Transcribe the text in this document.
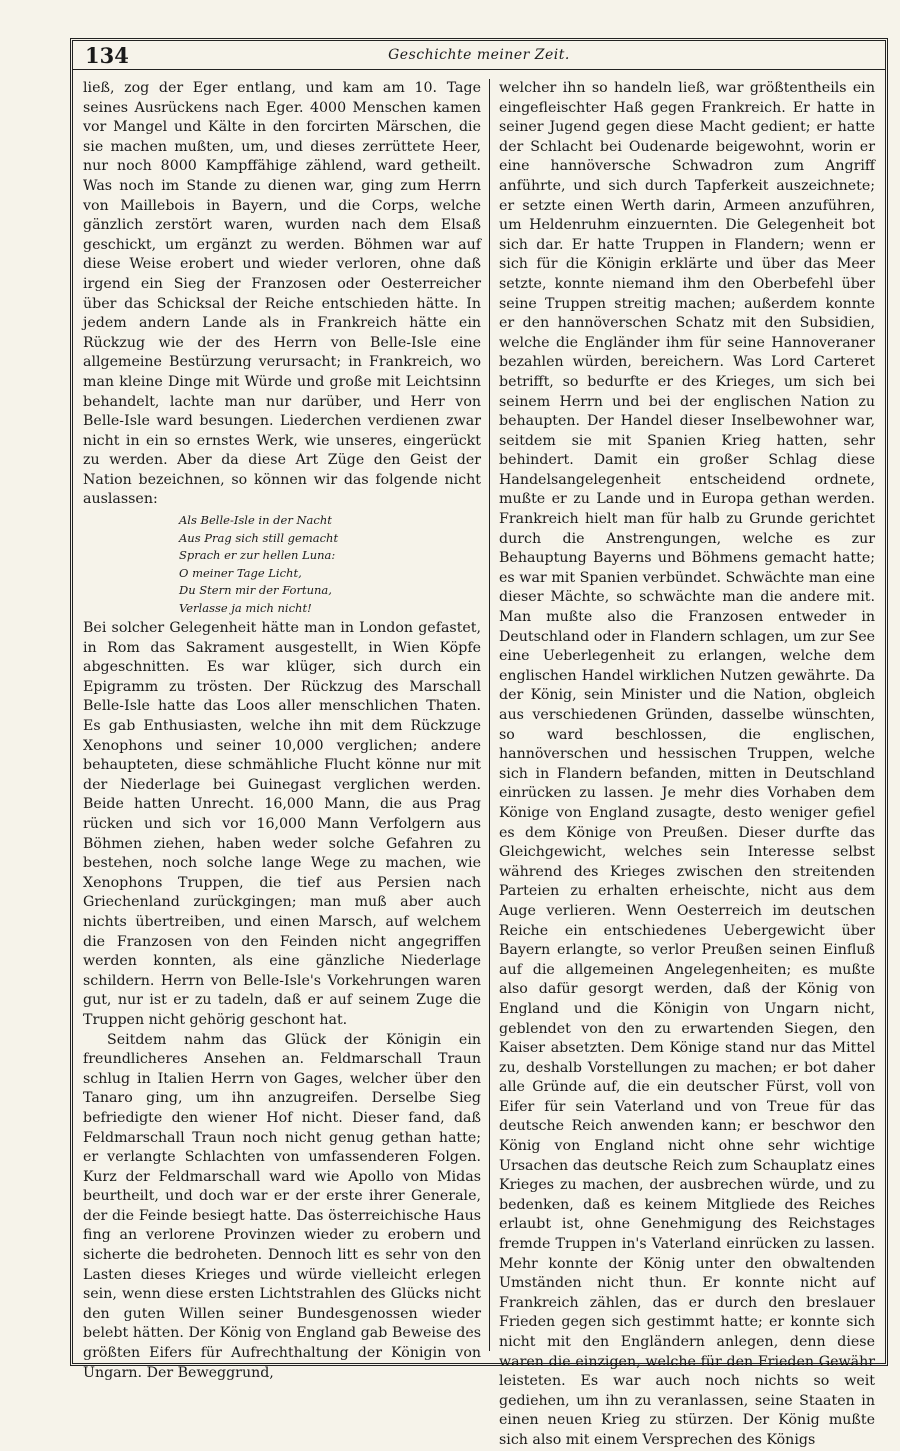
134	Geschichte meiner Zeit.

ließ, zog der Eger entlang, und kam am 10. Tage seines Ausrückens nach Eger. 4000 Menschen kamen vor Mangel und Kälte in den forcirten Märschen, die sie machen mußten, um, und dieses zerrüttete Heer, nur noch 8000 Kampffähige zählend, ward getheilt. Was noch im Stande zu dienen war, ging zum Herrn von Maillebois in Bayern, und die Corps, welche gänzlich zerstört waren, wurden nach dem Elsaß geschickt, um ergänzt zu werden. Böhmen war auf diese Weise erobert und wieder verloren, ohne daß irgend ein Sieg der Franzosen oder Oesterreicher über das Schicksal der Reiche entschieden hätte. In jedem andern Lande als in Frankreich hätte ein Rückzug wie der des Herrn von Belle-Isle eine allgemeine Bestürzung verursacht; in Frankreich, wo man kleine Dinge mit Würde und große mit Leichtsinn behandelt, lachte man nur darüber, und Herr von Belle-Isle ward besungen. Liederchen verdienen zwar nicht in ein so ernstes Werk, wie unseres, eingerückt zu werden. Aber da diese Art Züge den Geist der Nation bezeichnen, so können wir das folgende nicht auslassen:

Als Belle-Isle in der Nacht
Aus Prag sich still gemacht
Sprach er zur hellen Luna:
O meiner Tage Licht,
Du Stern mir der Fortuna,
Verlasse ja mich nicht!

Bei solcher Gelegenheit hätte man in London gefastet, in Rom das Sakrament ausgestellt, in Wien Köpfe abgeschnitten. Es war klüger, sich durch ein Epigramm zu trösten. Der Rückzug des Marschall Belle-Isle hatte das Loos aller menschlichen Thaten. Es gab Enthusiasten, welche ihn mit dem Rückzuge Xenophons und seiner 10,000 verglichen; andere behaupteten, diese schmähliche Flucht könne nur mit der Niederlage bei Guinegast verglichen werden. Beide hatten Unrecht. 16,000 Mann, die aus Prag rücken und sich vor 16,000 Mann Verfolgern aus Böhmen ziehen, haben weder solche Gefahren zu bestehen, noch solche lange Wege zu machen, wie Xenophons Truppen, die tief aus Persien nach Griechenland zurückgingen; man muß aber auch nichts übertreiben, und einen Marsch, auf welchem die Franzosen von den Feinden nicht angegriffen werden konnten, als eine gänzliche Niederlage schildern. Herrn von Belle-Isle's Vorkehrungen waren gut, nur ist er zu tadeln, daß er auf seinem Zuge die Truppen nicht gehörig geschont hat.

Seitdem nahm das Glück der Königin ein freundlicheres Ansehen an. Feldmarschall Traun schlug in Italien Herrn von Gages, welcher über den Tanaro ging, um ihn anzugreifen. Derselbe Sieg befriedigte den wiener Hof nicht. Dieser fand, daß Feldmarschall Traun noch nicht genug gethan hatte; er verlangte Schlachten von umfassenderen Folgen. Kurz der Feldmarschall ward wie Apollo von Midas beurtheilt, und doch war er der erste ihrer Generale, der die Feinde besiegt hatte. Das österreichische Haus fing an verlorene Provinzen wieder zu erobern und sicherte die bedroheten. Dennoch litt es sehr von den Lasten dieses Krieges und würde vielleicht erlegen sein, wenn diese ersten Lichtstrahlen des Glücks nicht den guten Willen seiner Bundesgenossen wieder belebt hätten. Der König von England gab Beweise des größten Eifers für Aufrechthaltung der Königin von Ungarn. Der Beweggrund,

welcher ihn so handeln ließ, war größtentheils ein eingefleischter Haß gegen Frankreich. Er hatte in seiner Jugend gegen diese Macht gedient; er hatte der Schlacht bei Oudenarde beigewohnt, worin er eine hannöversche Schwadron zum Angriff anführte, und sich durch Tapferkeit auszeichnete; er setzte einen Werth darin, Armeen anzuführen, um Heldenruhm einzuernten. Die Gelegenheit bot sich dar. Er hatte Truppen in Flandern; wenn er sich für die Königin erklärte und über das Meer setzte, konnte niemand ihm den Oberbefehl über seine Truppen streitig machen; außerdem konnte er den hannöverschen Schatz mit den Subsidien, welche die Engländer ihm für seine Hannoveraner bezahlen würden, bereichern. Was Lord Carteret betrifft, so bedurfte er des Krieges, um sich bei seinem Herrn und bei der englischen Nation zu behaupten. Der Handel dieser Inselbewohner war, seitdem sie mit Spanien Krieg hatten, sehr behindert. Damit ein großer Schlag diese Handelsangelegenheit entscheidend ordnete, mußte er zu Lande und in Europa gethan werden. Frankreich hielt man für halb zu Grunde gerichtet durch die Anstrengungen, welche es zur Behauptung Bayerns und Böhmens gemacht hatte; es war mit Spanien verbündet. Schwächte man eine dieser Mächte, so schwächte man die andere mit. Man mußte also die Franzosen entweder in Deutschland oder in Flandern schlagen, um zur See eine Ueberlegenheit zu erlangen, welche dem englischen Handel wirklichen Nutzen gewährte. Da der König, sein Minister und die Nation, obgleich aus verschiedenen Gründen, dasselbe wünschten, so ward beschlossen, die englischen, hannöverschen und hessischen Truppen, welche sich in Flandern befanden, mitten in Deutschland einrücken zu lassen. Je mehr dies Vorhaben dem Könige von England zusagte, desto weniger gefiel es dem Könige von Preußen. Dieser durfte das Gleichgewicht, welches sein Interesse selbst während des Krieges zwischen den streitenden Parteien zu erhalten erheischte, nicht aus dem Auge verlieren. Wenn Oesterreich im deutschen Reiche ein entschiedenes Uebergewicht über Bayern erlangte, so verlor Preußen seinen Einfluß auf die allgemeinen Angelegenheiten; es mußte also dafür gesorgt werden, daß der König von England und die Königin von Ungarn nicht, geblendet von den zu erwartenden Siegen, den Kaiser absetzten. Dem Könige stand nur das Mittel zu, deshalb Vorstellungen zu machen; er bot daher alle Gründe auf, die ein deutscher Fürst, voll von Eifer für sein Vaterland und von Treue für das deutsche Reich anwenden kann; er beschwor den König von England nicht ohne sehr wichtige Ursachen das deutsche Reich zum Schauplatz eines Krieges zu machen, der ausbrechen würde, und zu bedenken, daß es keinem Mitgliede des Reiches erlaubt ist, ohne Genehmigung des Reichstages fremde Truppen in's Vaterland einrücken zu lassen. Mehr konnte der König unter den obwaltenden Umständen nicht thun. Er konnte nicht auf Frankreich zählen, das er durch den breslauer Frieden gegen sich gestimmt hatte; er konnte sich nicht mit den Engländern anlegen, denn diese waren die einzigen, welche für den Frieden Gewähr leisteten. Es war auch noch nichts so weit gediehen, um ihn zu veranlassen, seine Staaten in einen neuen Krieg zu stürzen. Der König mußte sich also mit einem Versprechen des Königs
